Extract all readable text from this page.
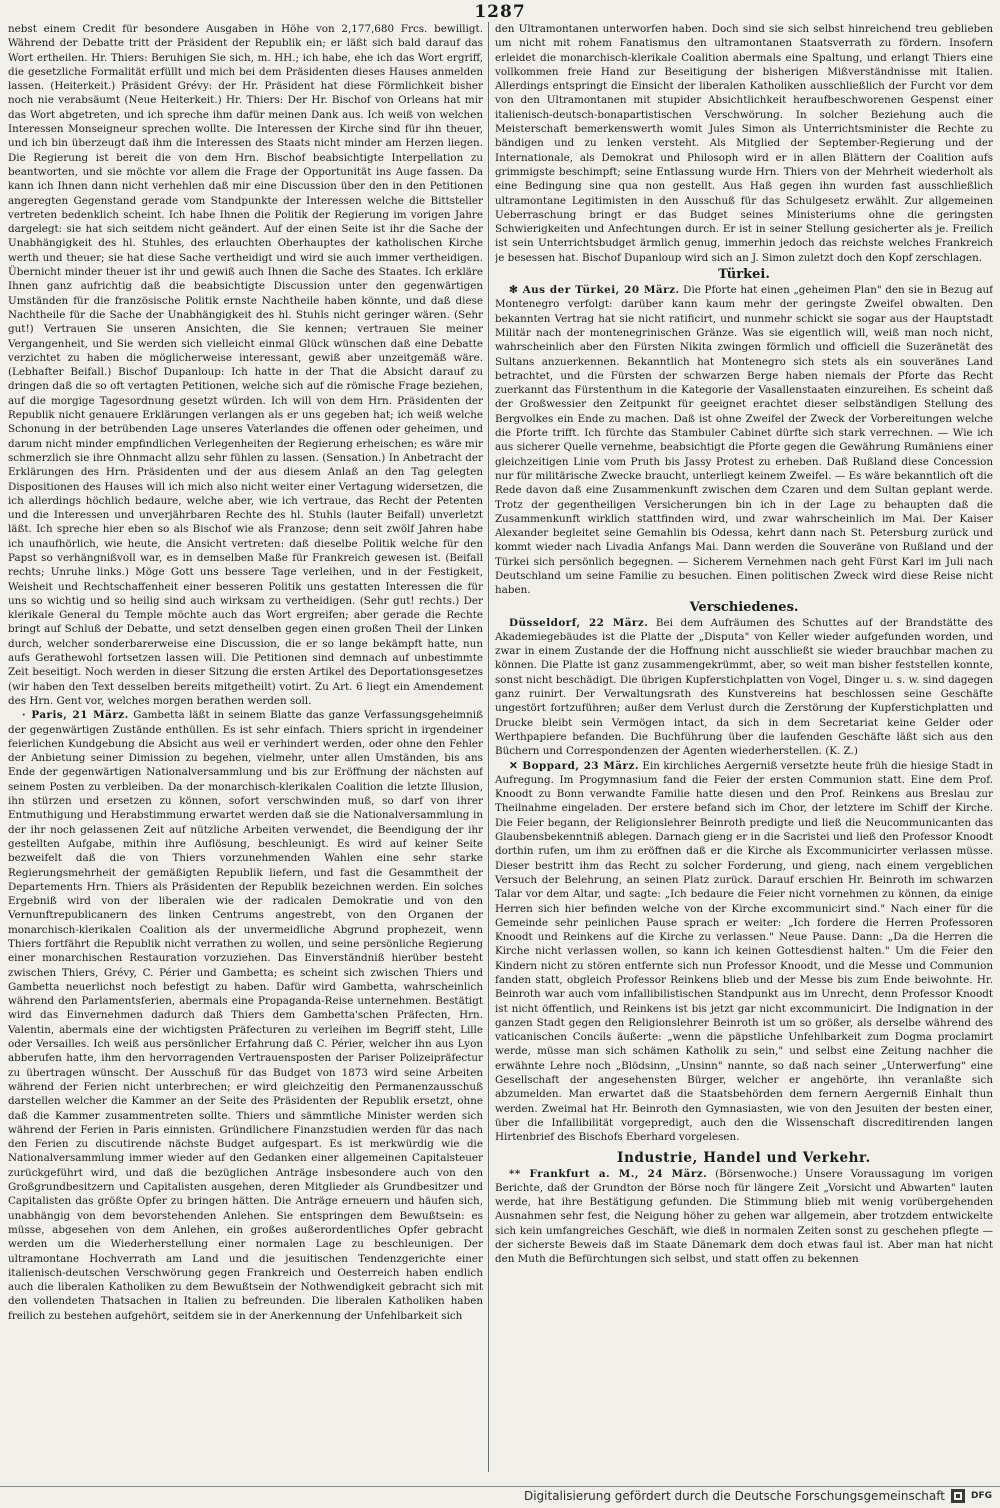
1287

nebst einem Credit für besondere Ausgaben in Höhe von 2,177,680 Frcs. bewilligt. Während der Debatte tritt der Präsident der Republik ein; er läßt sich bald darauf das Wort ertheilen. Hr. Thiers: Beruhigen Sie sich, m. HH.; ich habe, ehe ich das Wort ergriff, die gesetzliche Formalität erfüllt und mich bei dem Präsidenten dieses Hauses anmelden lassen. (Heiterkeit.) Präsident Grévy: der Hr. Präsident hat diese Förmlichkeit bisher noch nie verabsäumt (Neue Heiterkeit.) Hr. Thiers: Der Hr. Bischof von Orleans hat mir das Wort abgetreten, und ich spreche ihm dafür meinen Dank aus. Ich weiß von welchen Interessen Monseigneur sprechen wollte. Die Interessen der Kirche sind für ihn theuer, und ich bin überzeugt daß ihm die Interessen des Staats nicht minder am Herzen liegen. Die Regierung ist bereit die von dem Hrn. Bischof beabsichtigte Interpellation zu beantworten, und sie möchte vor allem die Frage der Opportunität ins Auge fassen. Da kann ich Ihnen dann nicht verhehlen daß mir eine Discussion über den in den Petitionen angeregten Gegenstand gerade vom Standpunkte der Interessen welche die Bittsteller vertreten bedenklich scheint. Ich habe Ihnen die Politik der Regierung im vorigen Jahre dargelegt: sie hat sich seitdem nicht geändert. Auf der einen Seite ist ihr die Sache der Unabhängigkeit des hl. Stuhles, des erlauchten Oberhauptes der katholischen Kirche werth und theuer; sie hat diese Sache vertheidigt und wird sie auch immer vertheidigen. Übernicht minder theuer ist ihr und gewiß auch Ihnen die Sache des Staates. Ich erkläre Ihnen ganz aufrichtig daß die beabsichtigte Discussion unter den gegenwärtigen Umständen für die französische Politik ernste Nachtheile haben könnte, und daß diese Nachtheile für die Sache der Unabhängigkeit des hl. Stuhls nicht geringer wären. (Sehr gut!) Vertrauen Sie unseren Ansichten, die Sie kennen; vertrauen Sie meiner Vergangenheit, und Sie werden sich vielleicht einmal Glück wünschen daß eine Debatte verzichtet zu haben die möglicherweise interessant, gewiß aber unzeitgemäß wäre. (Lebhafter Beifall.) Bischof Dupanloup: Ich hatte in der That die Absicht darauf zu dringen daß die so oft vertagten Petitionen, welche sich auf die römische Frage beziehen, auf die morgige Tagesordnung gesetzt würden. Ich will von dem Hrn. Präsidenten der Republik nicht genauere Erklärungen verlangen als er uns gegeben hat; ich weiß welche Schonung in der betrübenden Lage unseres Vaterlandes die offenen oder geheimen, und darum nicht minder empfindlichen Verlegenheiten der Regierung erheischen; es wäre mir schmerzlich sie ihre Ohnmacht allzu sehr fühlen zu lassen. (Sensation.) In Anbetracht der Erklärungen des Hrn. Präsidenten und der aus diesem Anlaß an den Tag gelegten Dispositionen des Hauses will ich mich also nicht weiter einer Vertagung widersetzen, die ich allerdings höchlich bedaure, welche aber, wie ich vertraue, das Recht der Petenten und die Interessen und unverjährbaren Rechte des hl. Stuhls (lauter Beifall) unverletzt läßt. Ich spreche hier eben so als Bischof wie als Franzose; denn seit zwölf Jahren habe ich unaufhörlich, wie heute, die Ansicht vertreten: daß dieselbe Politik welche für den Papst so verhängnißvoll war, es in demselben Maße für Frankreich gewesen ist. (Beifall rechts; Unruhe links.) Möge Gott uns bessere Tage verleihen, und in der Festigkeit, Weisheit und Rechtschaffenheit einer besseren Politik uns gestatten Interessen die für uns so wichtig und so heilig sind auch wirksam zu vertheidigen. (Sehr gut! rechts.) Der klerikale General du Temple möchte auch das Wort ergreifen; aber gerade die Rechte bringt auf Schluß der Debatte, und setzt denselben gegen einen großen Theil der Linken durch, welcher sonderbarerweise eine Discussion, die er so lange bekämpft hatte, nun aufs Gerathewohl fortsetzen lassen will. Die Petitionen sind demnach auf unbestimmte Zeit beseitigt. Noch werden in dieser Sitzung die ersten Artikel des Deportationsgesetzes (wir haben den Text desselben bereits mitgetheilt) votirt. Zu Art. 6 liegt ein Amendement des Hrn. Gent vor, welches morgen berathen werden soll.

· Paris, 21 März. Gambetta läßt in seinem Blatte das ganze Verfassungsgeheimniß der gegenwärtigen Zustände enthüllen. Es ist sehr einfach. Thiers spricht in irgendeiner feierlichen Kundgebung die Absicht aus weil er verhindert werden, oder ohne den Fehler der Anbietung seiner Dimission zu begehen, vielmehr, unter allen Umständen, bis ans Ende der gegenwärtigen Nationalversammlung und bis zur Eröffnung der nächsten auf seinem Posten zu verbleiben. Da der monarchisch-klerikalen Coalition die letzte Illusion, ihn stürzen und ersetzen zu können, sofort verschwinden muß, so darf von ihrer Entmuthigung und Herabstimmung erwartet werden daß sie die Nationalversammlung in der ihr noch gelassenen Zeit auf nützliche Arbeiten verwendet, die Beendigung der ihr gestellten Aufgabe, mithin ihre Auflösung, beschleunigt. Es wird auf keiner Seite bezweifelt daß die von Thiers vorzunehmenden Wahlen eine sehr starke Regierungsmehrheit der gemäßigten Republik liefern, und fast die Gesammtheit der Departements Hrn. Thiers als Präsidenten der Republik bezeichnen werden. Ein solches Ergebniß wird von der liberalen wie der radicalen Demokratie und von den Vernunftrepublicanern des linken Centrums angestrebt, von den Organen der monarchisch-klerikalen Coalition als der unvermeidliche Abgrund prophezeit, wenn Thiers fortfährt die Republik nicht verrathen zu wollen, und seine persönliche Regierung einer monarchischen Restauration vorzuziehen. Das Einverständniß hierüber besteht zwischen Thiers, Grévy, C. Périer und Gambetta; es scheint sich zwischen Thiers und Gambetta neuerlichst noch befestigt zu haben. Dafür wird Gambetta, wahrscheinlich während den Parlamentsferien, abermals eine Propaganda-Reise unternehmen. Bestätigt wird das Einvernehmen dadurch daß Thiers dem Gambetta'schen Präfecten, Hrn. Valentin, abermals eine der wichtigsten Präfecturen zu verleihen im Begriff steht, Lille oder Versailles. Ich weiß aus persönlicher Erfahrung daß C. Périer, welcher ihn aus Lyon abberufen hatte, ihm den hervorragenden Vertrauensposten der Pariser Polizeipräfectur zu übertragen wünscht. Der Ausschuß für das Budget von 1873 wird seine Arbeiten während der Ferien nicht unterbrechen; er wird gleichzeitig den Permanenzausschuß darstellen welcher die Kammer an der Seite des Präsidenten der Republik ersetzt, ohne daß die Kammer zusammentreten sollte. Thiers und sämmtliche Minister werden sich während der Ferien in Paris einnisten. Gründlichere Finanzstudien werden für das nach den Ferien zu discutirende nächste Budget aufgespart. Es ist merkwürdig wie die Nationalversammlung immer wieder auf den Gedanken einer allgemeinen Capitalsteuer zurückgeführt wird, und daß die bezüglichen Anträge insbesondere auch von den Großgrundbesitzern und Capitalisten ausgehen, deren Mitglieder als Grundbesitzer und Capitalisten das größte Opfer zu bringen hätten. Die Anträge erneuern und häufen sich, unabhängig von dem bevorstehenden Anlehen. Sie entspringen dem Bewußtsein: es müsse, abgesehen von dem Anlehen, ein großes außerordentliches Opfer gebracht werden um die Wiederherstellung einer normalen Lage zu beschleunigen. Der ultramontane Hochverrath am Land und die jesuitischen Tendenzgerichte einer italienisch-deutschen Verschwörung gegen Frankreich und Oesterreich haben endlich auch die liberalen Katholiken zu dem Bewußtsein der Nothwendigkeit gebracht sich mit den vollendeten Thatsachen in Italien zu befreunden. Die liberalen Katholiken haben freilich zu bestehen aufgehört, seitdem sie in der Anerkennung der Unfehlbarkeit sich

den Ultramontanen unterworfen haben. Doch sind sie sich selbst hinreichend treu geblieben um nicht mit rohem Fanatismus den ultramontanen Staatsverrath zu fördern. Insofern erleidet die monarchisch-klerikale Coalition abermals eine Spaltung, und erlangt Thiers eine vollkommen freie Hand zur Beseitigung der bisherigen Mißverständnisse mit Italien. Allerdings entspringt die Einsicht der liberalen Katholiken ausschließlich der Furcht vor dem von den Ultramontanen mit stupider Absichtlichkeit heraufbeschworenen Gespenst einer italienisch-deutsch-bonapartistischen Verschwörung. In solcher Beziehung auch die Meisterschaft bemerkenswerth womit Jules Simon als Unterrichtsminister die Rechte zu bändigen und zu lenken versteht. Als Mitglied der September-Regierung und der Internationale, als Demokrat und Philosoph wird er in allen Blättern der Coalition aufs grimmigste beschimpft; seine Entlassung wurde Hrn. Thiers von der Mehrheit wiederholt als eine Bedingung sine qua non gestellt. Aus Haß gegen ihn wurden fast ausschließlich ultramontane Legitimisten in den Ausschuß für das Schulgesetz erwählt. Zur allgemeinen Ueberraschung bringt er das Budget seines Ministeriums ohne die geringsten Schwierigkeiten und Anfechtungen durch. Er ist in seiner Stellung gesicherter als je. Freilich ist sein Unterrichtsbudget ärmlich genug, immerhin jedoch das reichste welches Frankreich je besessen hat. Bischof Dupanloup wird sich an J. Simon zuletzt doch den Kopf zerschlagen.

Türkei.

✻ Aus der Türkei, 20 März. Die Pforte hat einen „geheimen Plan" den sie in Bezug auf Montenegro verfolgt: darüber kann kaum mehr der geringste Zweifel obwalten. Den bekannten Vertrag hat sie nicht ratificirt, und nunmehr schickt sie sogar aus der Hauptstadt Militär nach der montenegrinischen Gränze. Was sie eigentlich will, weiß man noch nicht, wahrscheinlich aber den Fürsten Nikita zwingen förmlich und officiell die Suzeränetät des Sultans anzuerkennen. Bekanntlich hat Montenegro sich stets als ein souveränes Land betrachtet, und die Fürsten der schwarzen Berge haben niemals der Pforte das Recht zuerkannt das Fürstenthum in die Kategorie der Vasallenstaaten einzureihen. Es scheint daß der Großwessier den Zeitpunkt für geeignet erachtet dieser selbständigen Stellung des Bergvolkes ein Ende zu machen. Daß ist ohne Zweifel der Zweck der Vorbereitungen welche die Pforte trifft. Ich fürchte das Stambuler Cabinet dürfte sich stark verrechnen. — Wie ich aus sicherer Quelle vernehme, beabsichtigt die Pforte gegen die Gewährung Rumäniens einer gleichzeitigen Linie vom Pruth bis Jassy Protest zu erheben. Daß Rußland diese Concession nur für militärische Zwecke braucht, unterliegt keinem Zweifel. — Es wäre bekanntlich oft die Rede davon daß eine Zusammenkunft zwischen dem Czaren und dem Sultan geplant werde. Trotz der gegentheiligen Versicherungen bin ich in der Lage zu behaupten daß die Zusammenkunft wirklich stattfinden wird, und zwar wahrscheinlich im Mai. Der Kaiser Alexander begleitet seine Gemahlin bis Odessa, kehrt dann nach St. Petersburg zurück und kommt wieder nach Livadia Anfangs Mai. Dann werden die Souveräne von Rußland und der Türkei sich persönlich begegnen. — Sicherem Vernehmen nach geht Fürst Karl im Juli nach Deutschland um seine Familie zu besuchen. Einen politischen Zweck wird diese Reise nicht haben.

Verschiedenes.

Düsseldorf, 22 März. Bei dem Aufräumen des Schuttes auf der Brandstätte des Akademiegebäudes ist die Platte der „Disputa" von Keller wieder aufgefunden worden, und zwar in einem Zustande der die Hoffnung nicht ausschließt sie wieder brauchbar machen zu können. Die Platte ist ganz zusammengekrümmt, aber, so weit man bisher feststellen konnte, sonst nicht beschädigt. Die übrigen Kupferstichplatten von Vogel, Dinger u. s. w. sind dagegen ganz ruinirt. Der Verwaltungsrath des Kunstvereins hat beschlossen seine Geschäfte ungestört fortzuführen; außer dem Verlust durch die Zerstörung der Kupferstichplatten und Drucke bleibt sein Vermögen intact, da sich in dem Secretariat keine Gelder oder Werthpapiere befanden. Die Buchführung über die laufenden Geschäfte läßt sich aus den Büchern und Correspondenzen der Agenten wiederherstellen. (K. Z.)

✕ Boppard, 23 März. Ein kirchliches Aergerniß versetzte heute früh die hiesige Stadt in Aufregung. Im Progymnasium fand die Feier der ersten Communion statt. Eine dem Prof. Knoodt zu Bonn verwandte Familie hatte diesen und den Prof. Reinkens aus Breslau zur Theilnahme eingeladen. Der erstere befand sich im Chor, der letztere im Schiff der Kirche. Die Feier begann, der Religionslehrer Beinroth predigte und ließ die Neucommunicanten das Glaubensbekenntniß ablegen. Darnach gieng er in die Sacristei und ließ den Professor Knoodt dorthin rufen, um ihm zu eröffnen daß er die Kirche als Excommunicirter verlassen müsse. Dieser bestritt ihm das Recht zu solcher Forderung, und gieng, nach einem vergeblichen Versuch der Belehrung, an seinen Platz zurück. Darauf erschien Hr. Beinroth im schwarzen Talar vor dem Altar, und sagte: „Ich bedaure die Feier nicht vornehmen zu können, da einige Herren sich hier befinden welche von der Kirche excommunicirt sind." Nach einer für die Gemeinde sehr peinlichen Pause sprach er weiter: „Ich fordere die Herren Professoren Knoodt und Reinkens auf die Kirche zu verlassen." Neue Pause. Dann: „Da die Herren die Kirche nicht verlassen wollen, so kann ich keinen Gottesdienst halten." Um die Feier den Kindern nicht zu stören entfernte sich nun Professor Knoodt, und die Messe und Communion fanden statt, obgleich Professor Reinkens blieb und der Messe bis zum Ende beiwohnte. Hr. Beinroth war auch vom infallibilistischen Standpunkt aus im Unrecht, denn Professor Knoodt ist nicht öffentlich, und Reinkens ist bis jetzt gar nicht excommunicirt. Die Indignation in der ganzen Stadt gegen den Religionslehrer Beinroth ist um so größer, als derselbe während des vaticanischen Concils äußerte: „wenn die päpstliche Unfehlbarkeit zum Dogma proclamirt werde, müsse man sich schämen Katholik zu sein," und selbst eine Zeitung nachher die erwähnte Lehre noch „Blödsinn, „Unsinn" nannte, so daß nach seiner „Unterwerfung" eine Gesellschaft der angesehensten Bürger, welcher er angehörte, ihn veranlaßte sich abzumelden. Man erwartet daß die Staatsbehörden dem fernern Aergerniß Einhalt thun werden. Zweimal hat Hr. Beinroth den Gymnasiasten, wie von den Jesuiten der besten einer, über die Infallibilität vorgepredigt, auch den die Wissenschaft discreditirenden langen Hirtenbrief des Bischofs Eberhard vorgelesen.

Industrie, Handel und Verkehr.

** Frankfurt a. M., 24 März. (Börsenwoche.) Unsere Voraussagung im vorigen Berichte, daß der Grundton der Börse noch für längere Zeit „Vorsicht und Abwarten" lauten werde, hat ihre Bestätigung gefunden. Die Stimmung blieb mit wenig vorübergehenden Ausnahmen sehr fest, die Neigung höher zu gehen war allgemein, aber trotzdem entwickelte sich kein umfangreiches Geschäft, wie dieß in normalen Zeiten sonst zu geschehen pflegte — der sicherste Beweis daß im Staate Dänemark dem doch etwas faul ist. Aber man hat nicht den Muth die Befürchtungen sich selbst, und statt offen zu bekennen

Digitalisierung gefördert durch die Deutsche Forschungsgemeinschaft	DFG
